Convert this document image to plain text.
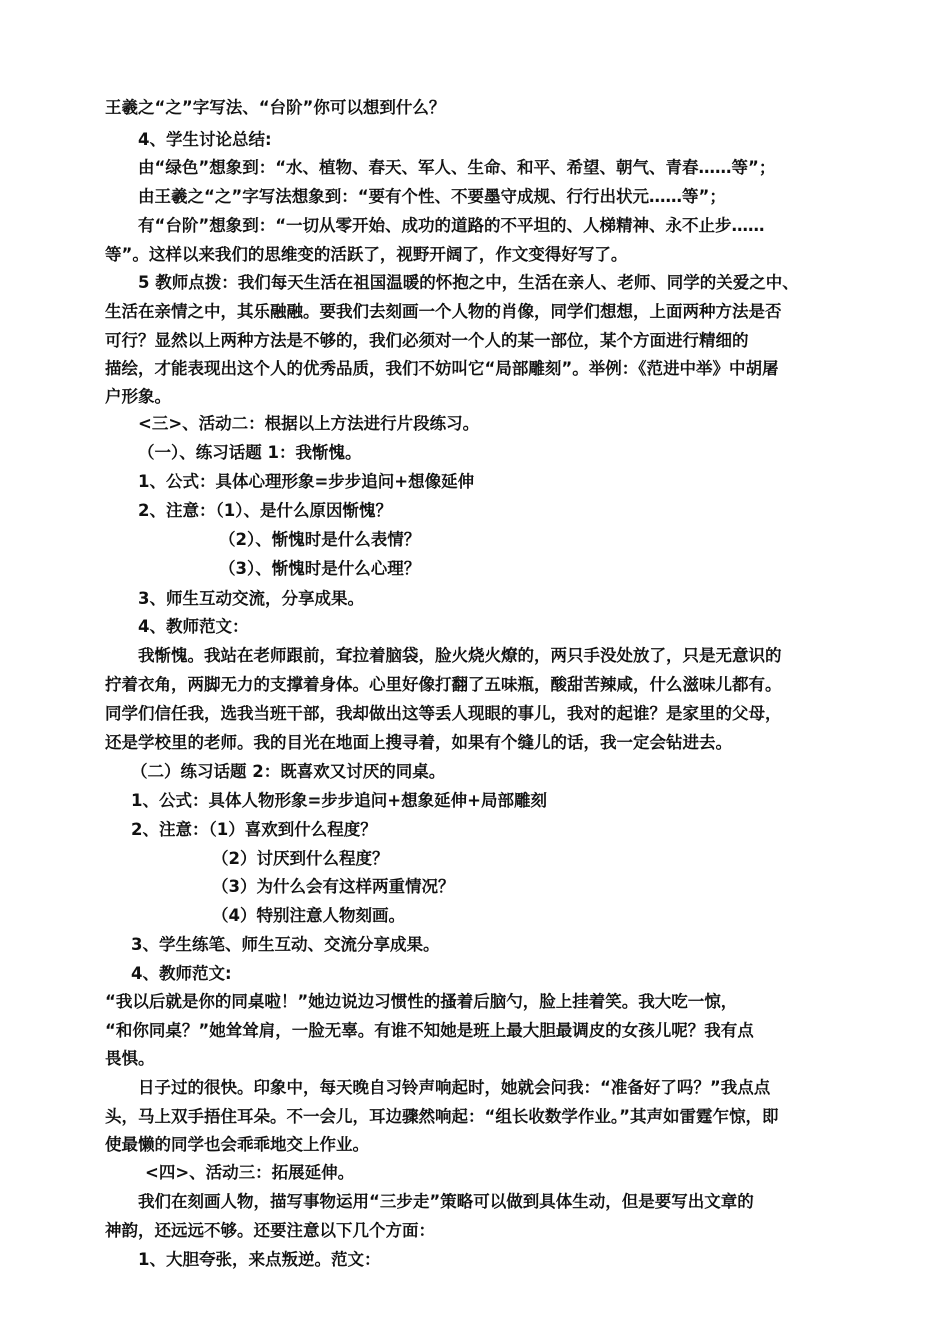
王羲之“之”字写法、“台阶”你可以想到什么？

4、学生讨论总结:

由“绿色”想象到：“水、植物、春天、军人、生命、和平、希望、朝气、青春……等”；

由王羲之“之”字写法想象到：“要有个性、不要墨守成规、行行出状元……等”；

有“台阶”想象到：“一切从零开始、成功的道路的不平坦的、人梯精神、永不止步……

等”。这样以来我们的思维变的活跃了，视野开阔了，作文变得好写了。

5 教师点拨：我们每天生活在祖国温暖的怀抱之中，生活在亲人、老师、同学的关爱之中、

生活在亲情之中，其乐融融。要我们去刻画一个人物的肖像，同学们想想，上面两种方法是否

可行？显然以上两种方法是不够的，我们必须对一个人的某一部位，某个方面进行精细的

描绘，才能表现出这个人的优秀品质，我们不妨叫它“局部雕刻”。举例：《范进中举》中胡屠

户形象。

<三>、活动二：根据以上方法进行片段练习。

（一）、练习话题 1：我惭愧。

1、公式：具体心理形象=步步追问+想像延伸

2、注意：（1）、是什么原因惭愧？

（2）、惭愧时是什么表情？

（3）、惭愧时是什么心理？

3、师生互动交流，分享成果。

4、教师范文：

我惭愧。我站在老师跟前，耷拉着脑袋，脸火烧火燎的，两只手没处放了，只是无意识的

拧着衣角，两脚无力的支撑着身体。心里好像打翻了五味瓶，酸甜苦辣咸，什么滋味儿都有。

同学们信任我，选我当班干部，我却做出这等丢人现眼的事儿，我对的起谁？是家里的父母，

还是学校里的老师。我的目光在地面上搜寻着，如果有个缝儿的话，我一定会钻进去。

（二）练习话题 2：既喜欢又讨厌的同桌。

1、公式：具体人物形象=步步追问+想象延伸+局部雕刻

2、注意：（1）喜欢到什么程度？

（2）讨厌到什么程度？

（3）为什么会有这样两重情况？

（4）特别注意人物刻画。

3、学生练笔、师生互动、交流分享成果。

4、教师范文:

“我以后就是你的同桌啦！”她边说边习惯性的搔着后脑勺，脸上挂着笑。我大吃一惊，

“和你同桌？”她耸耸肩，一脸无辜。有谁不知她是班上最大胆最调皮的女孩儿呢？我有点

畏惧。

日子过的很快。印象中，每天晚自习铃声响起时，她就会问我：“准备好了吗？”我点点

头，马上双手捂住耳朵。不一会儿，耳边骤然响起：“组长收数学作业。”其声如雷霆乍惊，即

使最懒的同学也会乖乖地交上作业。

<四>、活动三：拓展延伸。

我们在刻画人物，描写事物运用“三步走”策略可以做到具体生动，但是要写出文章的

神韵，还远远不够。还要注意以下几个方面：

1、大胆夸张，来点叛逆。范文：
